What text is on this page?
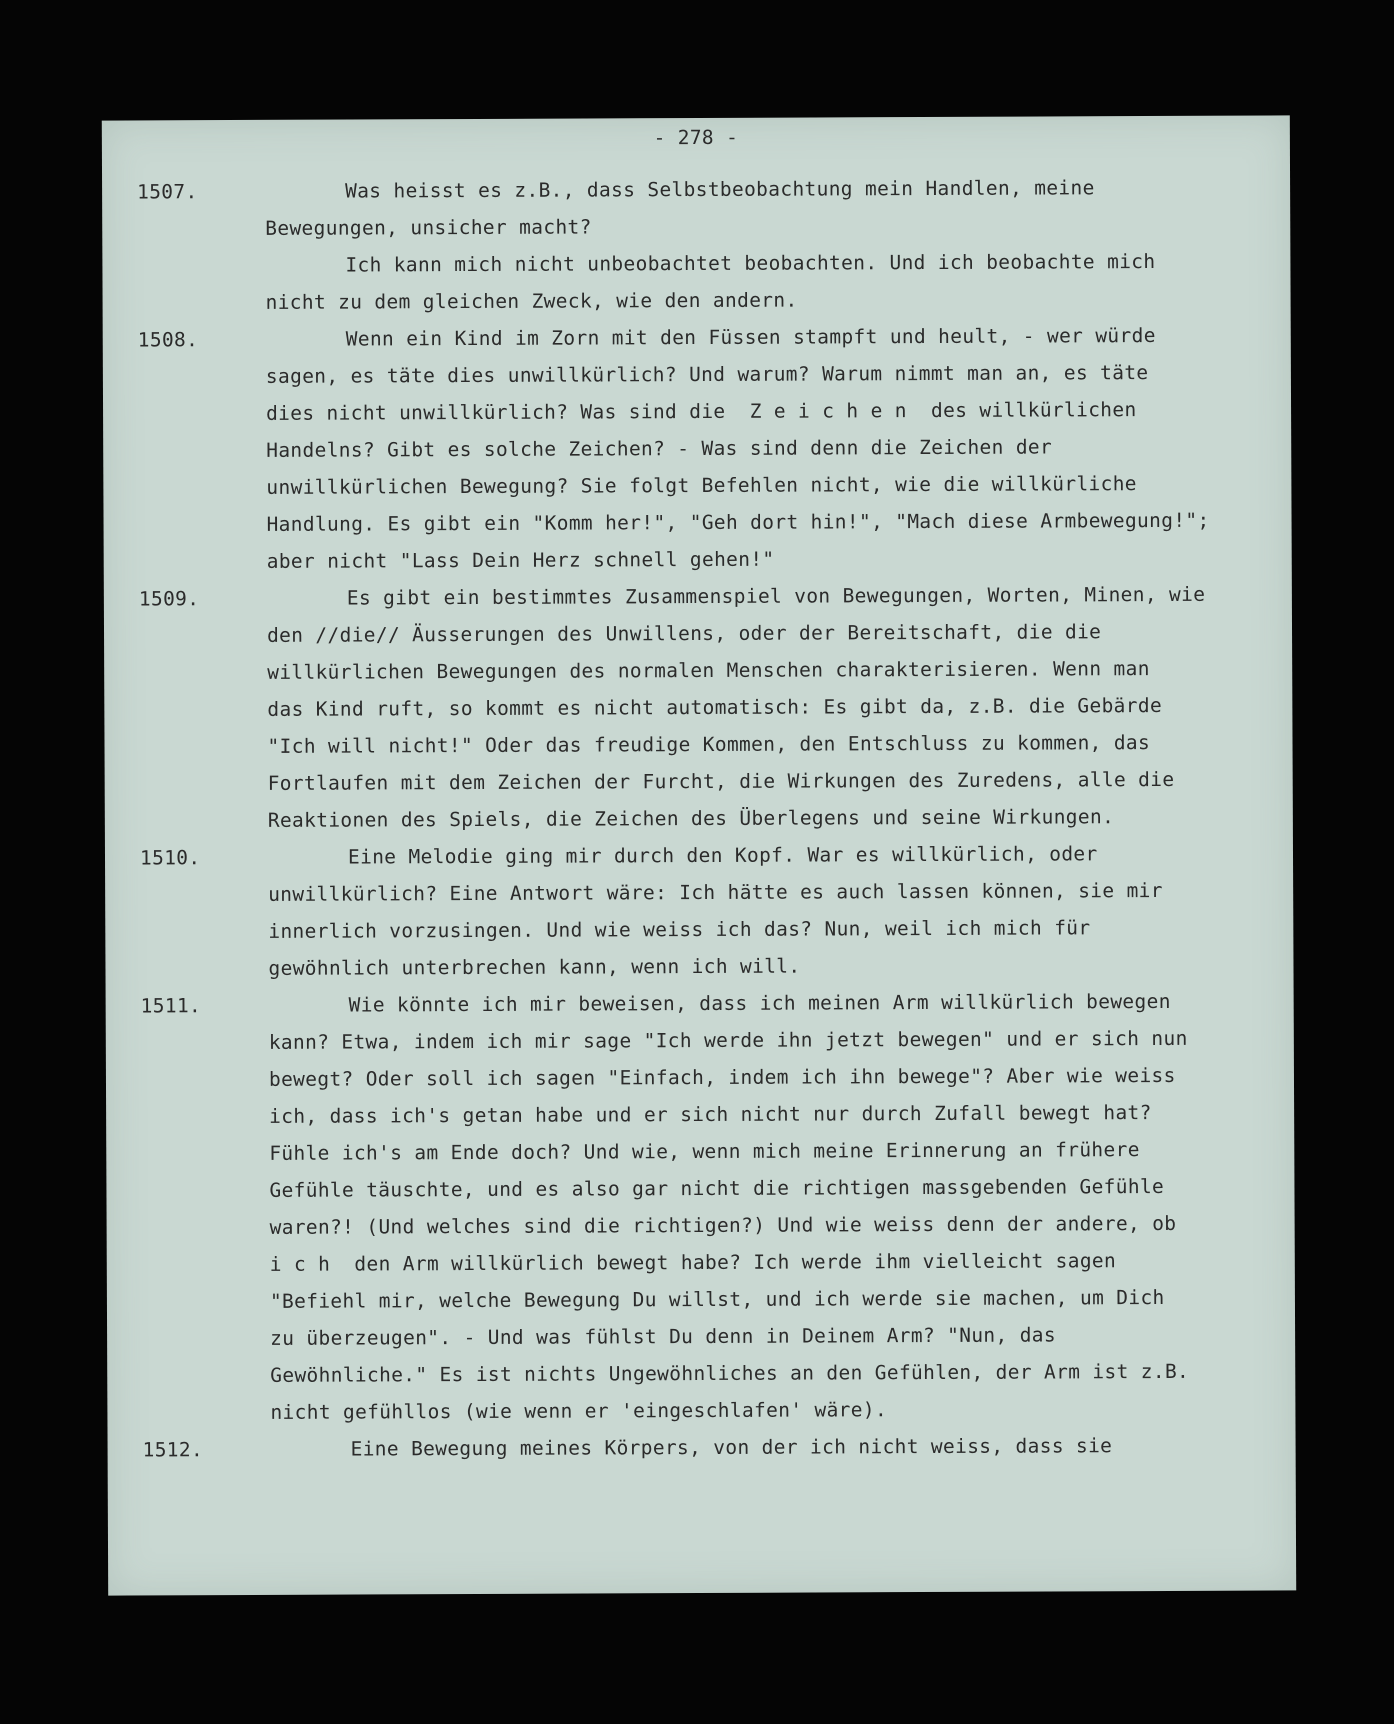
- 278 -
1507.	Was heisst es z.B., dass Selbstbeobachtung mein Handlen, meine
Bewegungen, unsicher macht?
Ich kann mich nicht unbeobachtet beobachten. Und ich beobachte mich
nicht zu dem gleichen Zweck, wie den andern.
1508.	Wenn ein Kind im Zorn mit den Füssen stampft und heult, - wer würde
sagen, es täte dies unwillkürlich? Und warum? Warum nimmt man an, es täte
dies nicht unwillkürlich? Was sind die  Z e i c h e n  des willkürlichen
Handelns? Gibt es solche Zeichen? - Was sind denn die Zeichen der
unwillkürlichen Bewegung? Sie folgt Befehlen nicht, wie die willkürliche
Handlung. Es gibt ein "Komm her!", "Geh dort hin!", "Mach diese Armbewegung!";
aber nicht "Lass Dein Herz schnell gehen!"
1509.	Es gibt ein bestimmtes Zusammenspiel von Bewegungen, Worten, Minen, wie
den //die// Äusserungen des Unwillens, oder der Bereitschaft, die die
willkürlichen Bewegungen des normalen Menschen charakterisieren. Wenn man
das Kind ruft, so kommt es nicht automatisch: Es gibt da, z.B. die Gebärde
"Ich will nicht!" Oder das freudige Kommen, den Entschluss zu kommen, das
Fortlaufen mit dem Zeichen der Furcht, die Wirkungen des Zuredens, alle die
Reaktionen des Spiels, die Zeichen des Überlegens und seine Wirkungen.
1510.	Eine Melodie ging mir durch den Kopf. War es willkürlich, oder
unwillkürlich? Eine Antwort wäre: Ich hätte es auch lassen können, sie mir
innerlich vorzusingen. Und wie weiss ich das? Nun, weil ich mich für
gewöhnlich unterbrechen kann, wenn ich will.
1511.	Wie könnte ich mir beweisen, dass ich meinen Arm willkürlich bewegen
kann? Etwa, indem ich mir sage "Ich werde ihn jetzt bewegen" und er sich nun
bewegt? Oder soll ich sagen "Einfach, indem ich ihn bewege"? Aber wie weiss
ich, dass ich's getan habe und er sich nicht nur durch Zufall bewegt hat?
Fühle ich's am Ende doch? Und wie, wenn mich meine Erinnerung an frühere
Gefühle täuschte, und es also gar nicht die richtigen massgebenden Gefühle
waren?! (Und welches sind die richtigen?) Und wie weiss denn der andere, ob
i c h  den Arm willkürlich bewegt habe? Ich werde ihm vielleicht sagen
"Befiehl mir, welche Bewegung Du willst, und ich werde sie machen, um Dich
zu überzeugen". - Und was fühlst Du denn in Deinem Arm? "Nun, das
Gewöhnliche." Es ist nichts Ungewöhnliches an den Gefühlen, der Arm ist z.B.
nicht gefühllos (wie wenn er 'eingeschlafen' wäre).
1512.	Eine Bewegung meines Körpers, von der ich nicht weiss, dass sie
